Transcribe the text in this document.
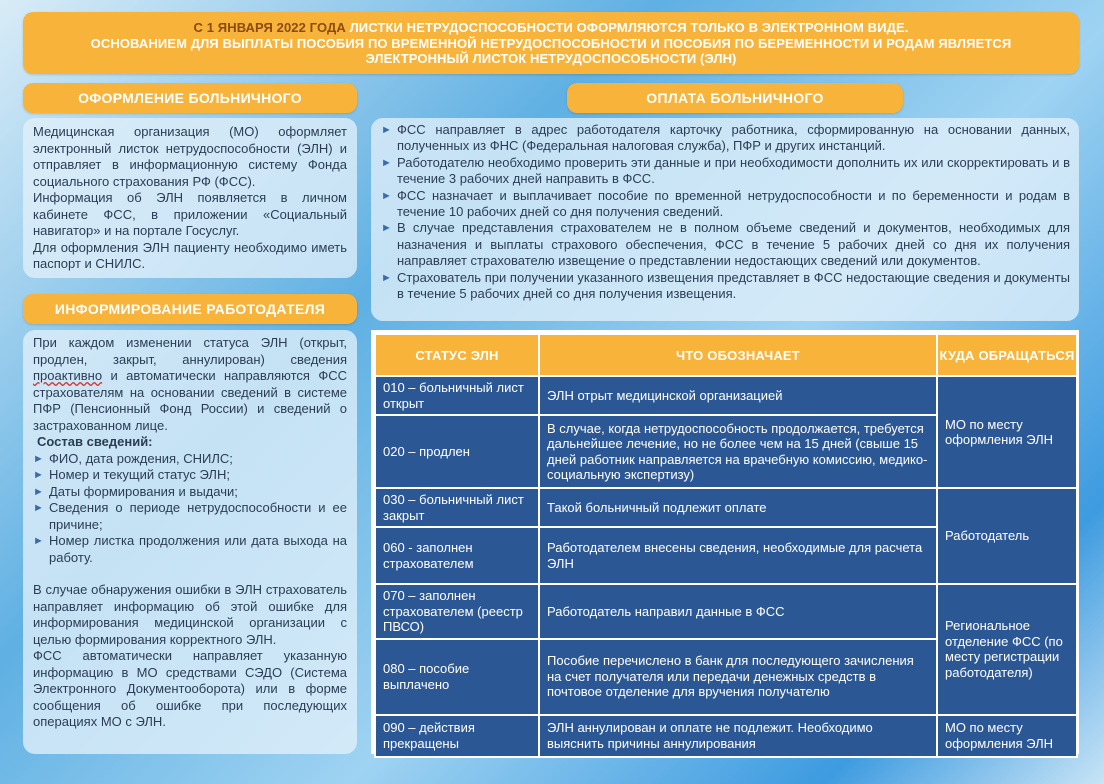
С 1 ЯНВАРЯ 2022 ГОДА ЛИСТКИ НЕТРУДОСПОСОБНОСТИ ОФОРМЛЯЮТСЯ ТОЛЬКО В ЭЛЕКТРОННОМ ВИДЕ.
ОСНОВАНИЕМ ДЛЯ ВЫПЛАТЫ ПОСОБИЯ ПО ВРЕМЕННОЙ НЕТРУДОСПОСОБНОСТИ И ПОСОБИЯ ПО БЕРЕМЕННОСТИ И РОДАМ ЯВЛЯЕТСЯ
ЭЛЕКТРОННЫЙ ЛИСТОК НЕТРУДОСПОСОБНОСТИ (ЭЛН)
ОФОРМЛЕНИЕ БОЛЬНИЧНОГО

Медицинская организация (МО) оформляет электронный листок нетрудоспособности (ЭЛН) и отправляет в информационную систему Фонда социального страхования РФ (ФСС).

Информация об ЭЛН появляется в личном кабинете ФСС, в приложении «Социальный навигатор» и на портале Госуслуг.

Для оформления ЭЛН пациенту необходимо иметь паспорт и СНИЛС.

ОПЛАТА БОЛЬНИЧНОГО
► ФСС направляет в адрес работодателя карточку работника, сформированную на основании данных, полученных из ФНС (Федеральная налоговая служба), ПФР и других инстанций.
► Работодателю необходимо проверить эти данные и при необходимости дополнить их или скорректировать и в течение 3 рабочих дней направить в ФСС.
► ФСС назначает и выплачивает пособие по временной нетрудоспособности и по беременности и родам в течение 10 рабочих дней со дня получения сведений.
► В случае представления страхователем не в полном объеме сведений и документов, необходимых для назначения и выплаты страхового обеспечения, ФСС в течение 5 рабочих дней со дня их получения направляет страхователю извещение о представлении недостающих сведений или документов.
► Страхователь при получении указанного извещения представляет в ФСС недостающие сведения и документы в течение 5 рабочих дней со дня получения извещения.
ИНФОРМИРОВАНИЕ РАБОТОДАТЕЛЯ

При каждом изменении статуса ЭЛН (открыт, продлен, закрыт, аннулирован) сведения проактивно и автоматически направляются ФСС страхователям на основании сведений в системе ПФР (Пенсионный Фонд России) и сведений о застрахованном лице.

Состав сведений:
► ФИО, дата рождения, СНИЛС;
► Номер и текущий статус ЭЛН;
► Даты формирования и выдачи;
► Сведения о периоде нетрудоспособности и ее причине;
► Номер листка продолжения или дата выхода на работу.

В случае обнаружения ошибки в ЭЛН страхователь направляет информацию об этой ошибке для информирования медицинской организации с целью формирования корректного ЭЛН.

ФСС автоматически направляет указанную информацию в МО средствами СЭДО (Система Электронного Документооборота) или в форме сообщения об ошибке при последующих операциях МО с ЭЛН.

СТАТУС ЭЛН	ЧТО ОБОЗНАЧАЕТ	КУДА ОБРАЩАТЬСЯ
010 – больничный лист открыт	ЭЛН отрыт медицинской организацией	МО по месту оформления ЭЛН
020 – продлен	В случае, когда нетрудоспособность продолжается, требуется дальнейшее лечение, но не более чем на 15 дней (свыше 15 дней работник направляется на врачебную комиссию, медико-социальную экспертизу)	
030 – больничный лист закрыт	Такой больничный подлежит оплате	Работодатель
060 - заполнен страхователем	Работодателем внесены сведения, необходимые для расчета ЭЛН	
070 – заполнен страхователем (реестр ПВСО)	Работодатель направил данные в ФСС	Региональное отделение ФСС (по месту регистрации работодателя)
080 – пособие выплачено	Пособие перечислено в банк для последующего зачисления на счет получателя или передачи денежных средств в почтовое отделение для вручения получателю	
090 – действия прекращены	ЭЛН аннулирован и оплате не подлежит. Необходимо выяснить причины аннулирования	МО по месту оформления ЭЛН
